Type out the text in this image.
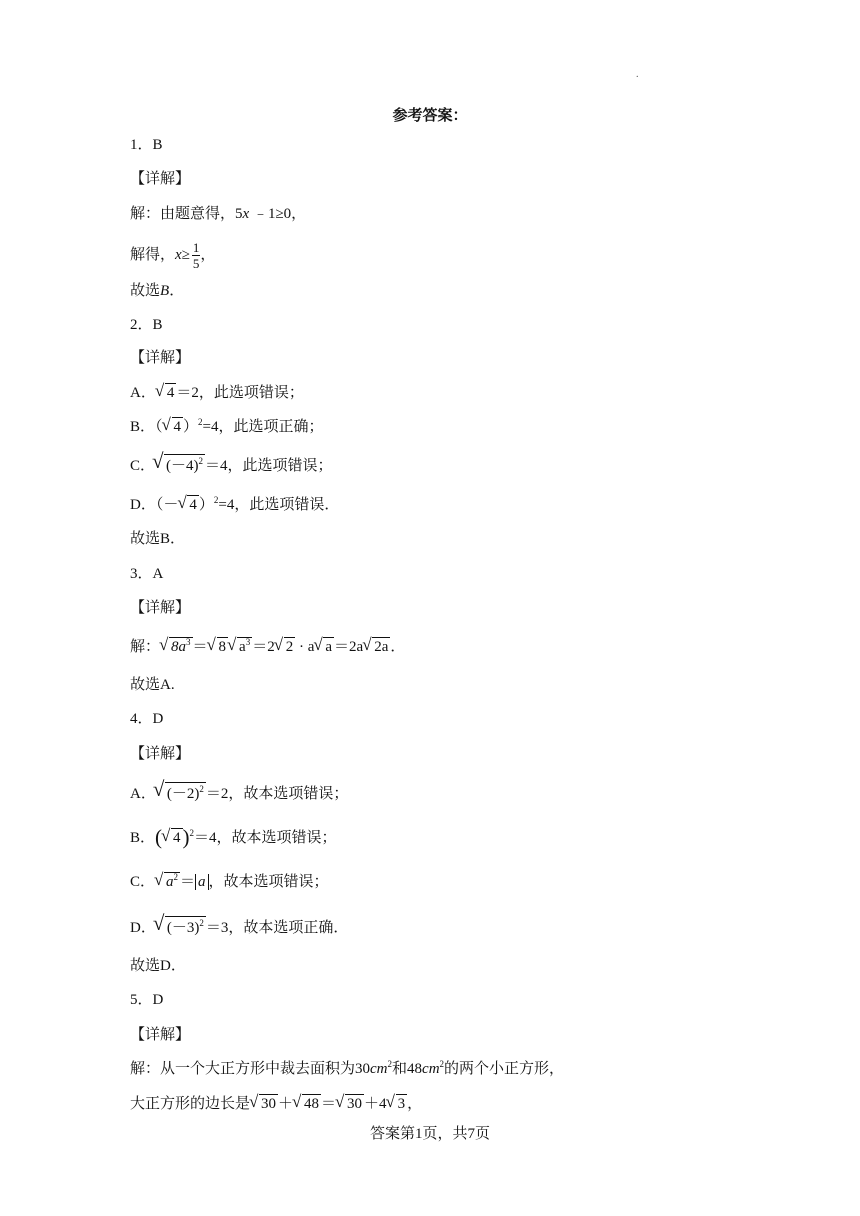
.
参考答案：
1．B
【详解】
解：由题意得，5x ﹣1≥0，
解得，$x\ge \frac{1}{5}$ ，
故选B．
2．B
【详解】
A．√ 4 ＝2，此选项错误；
B．（√ 4 ）$^2$=4，此选项正确；
C．√ $(-4)^2 =4$，此选项错误；
D．（－√ 4 ）$^2$=4，此选项错误．
故选B．
3．A
【详解】
解：√ $8a^3$ ＝√ 8√ $a^3 =2√$ 2 · a√ a ＝2a√ 2a ．
故选A.
4．D
【详解】
A．√ $(-2)^2 =2$，故本选项错误；
B．(√ 4)$^2$＝4，故本选项错误；
C．√ $a^2 = a$ ，故本选项错误；
D．√ $(-3)^2 =3$，故本选项正确．
故选D．
5．D
【详解】
解：从一个大正方形中裁去面积为$30cm^2$和$48cm^2$的两个小正方形，
大正方形的边长是√ 30 ＋√ 48 ＝√ 30 ＋4√ 3 ，
答案第1页，共7页
